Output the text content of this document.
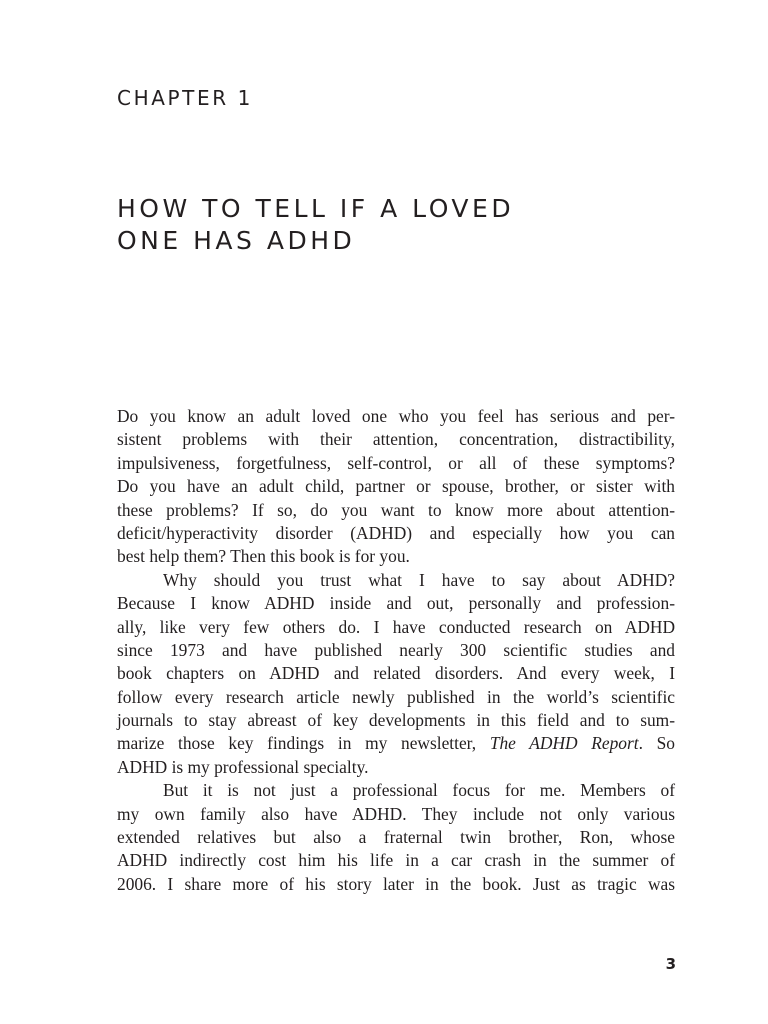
CHAPTER 1
HOW TO TELL IF A LOVED
ONE HAS ADHD
Do you know an adult loved one who you feel has serious and per-
sistent problems with their attention, concentration, distractibility,
impulsiveness, forgetfulness, self-control, or all of these symptoms?
Do you have an adult child, partner or spouse, brother, or sister with
these problems? If so, do you want to know more about attention-
deficit/hyperactivity disorder (ADHD) and especially how you can
best help them? Then this book is for you.
Why should you trust what I have to say about ADHD?
Because I know ADHD inside and out, personally and profession-
ally, like very few others do. I have conducted research on ADHD
since 1973 and have published nearly 300 scientific studies and
book chapters on ADHD and related disorders. And every week, I
follow every research article newly published in the world’s scientific
journals to stay abreast of key developments in this field and to sum-
marize those key findings in my newsletter, The ADHD Report. So
ADHD is my professional specialty.
But it is not just a professional focus for me. Members of
my own family also have ADHD. They include not only various
extended relatives but also a fraternal twin brother, Ron, whose
ADHD indirectly cost him his life in a car crash in the summer of
2006. I share more of his story later in the book. Just as tragic was
3
